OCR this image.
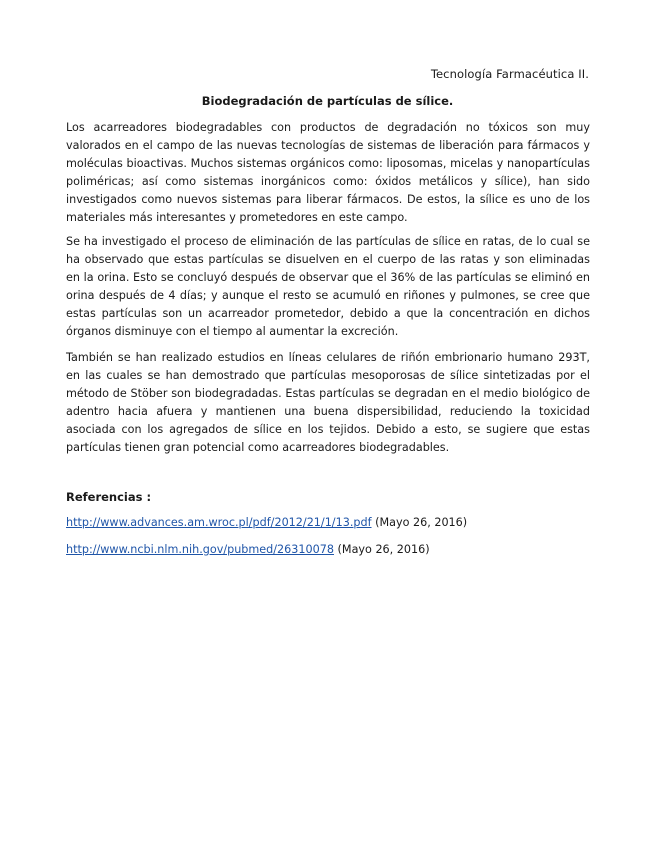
Tecnología Farmacéutica II.
Biodegradación de partículas de sílice.

Los acarreadores biodegradables con productos de degradación no tóxicos son muy valorados en el campo de las nuevas tecnologías de sistemas de liberación para fármacos y moléculas bioactivas. Muchos sistemas orgánicos como: liposomas, micelas y nanopartículas poliméricas; así como sistemas inorgánicos como: óxidos metálicos y sílice), han sido investigados como nuevos sistemas para liberar fármacos. De estos, la sílice es uno de los materiales más interesantes y prometedores en este campo.

Se ha investigado el proceso de eliminación de las partículas de sílice en ratas, de lo cual se ha observado que estas partículas se disuelven en el cuerpo de las ratas y son eliminadas en la orina. Esto se concluyó después de observar que el 36% de las partículas se eliminó en orina después de 4 días; y aunque el resto se acumuló en riñones y pulmones, se cree que estas partículas son un acarreador prometedor, debido a que la concentración en dichos órganos disminuye con el tiempo al aumentar la excreción.

También se han realizado estudios en líneas celulares de riñón embrionario humano 293T, en las cuales se han demostrado que partículas mesoporosas de sílice sintetizadas por el método de Stöber son biodegradadas. Estas partículas se degradan en el medio biológico de adentro hacia afuera y mantienen una buena dispersibilidad, reduciendo la toxicidad asociada con los agregados de sílice en los tejidos. Debido a esto, se sugiere que estas partículas tienen gran potencial como acarreadores biodegradables.

Referencias :
http://www.advances.am.wroc.pl/pdf/2012/21/1/13.pdf (Mayo 26, 2016)
http://www.ncbi.nlm.nih.gov/pubmed/26310078 (Mayo 26, 2016)
